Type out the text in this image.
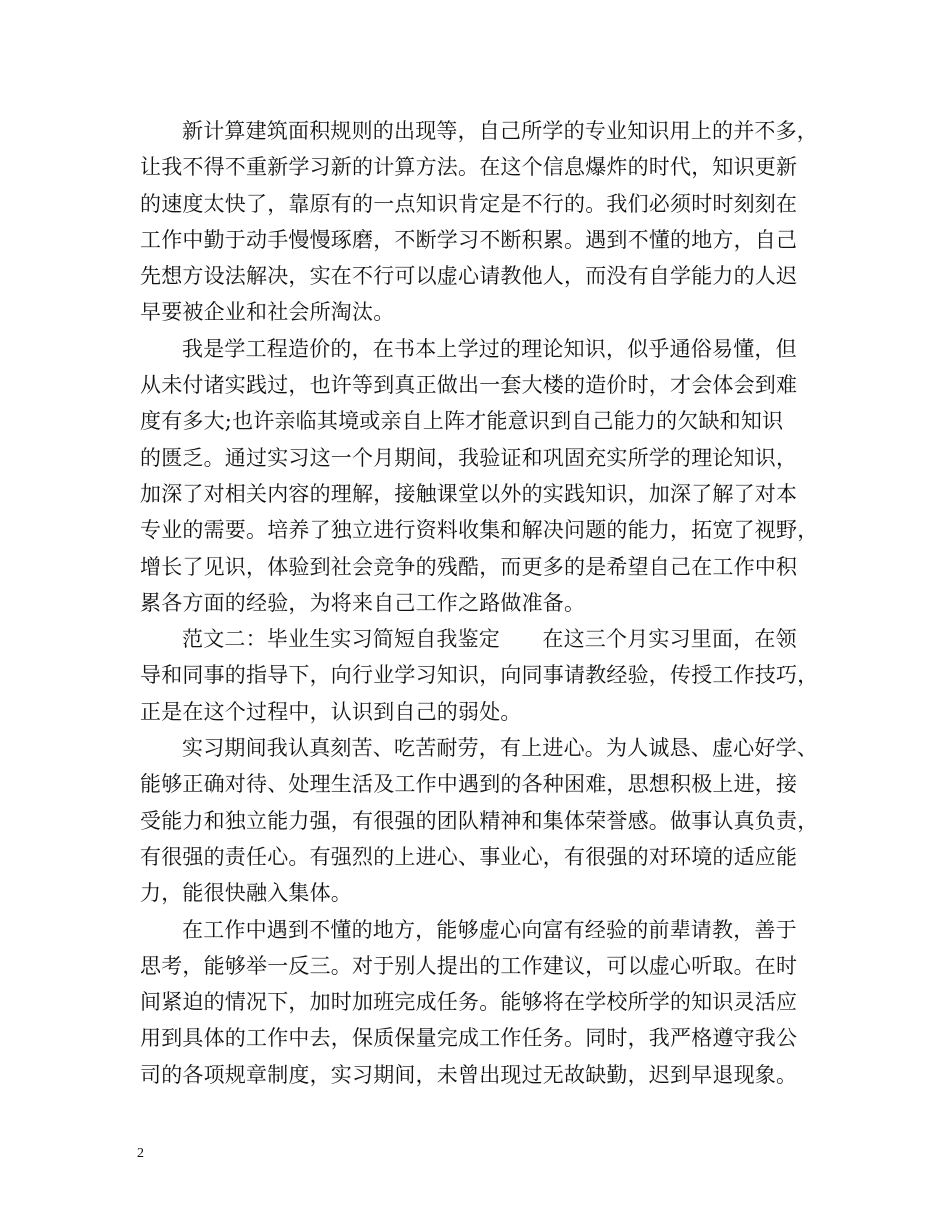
新计算建筑面积规则的出现等，自己所学的专业知识用上的并不多，
让我不得不重新学习新的计算方法。在这个信息爆炸的时代，知识更新
的速度太快了，靠原有的一点知识肯定是不行的。我们必须时时刻刻在
工作中勤于动手慢慢琢磨，不断学习不断积累。遇到不懂的地方，自己
先想方设法解决，实在不行可以虚心请教他人，而没有自学能力的人迟
早要被企业和社会所淘汰。
我是学工程造价的，在书本上学过的理论知识，似乎通俗易懂，但
从未付诸实践过，也许等到真正做出一套大楼的造价时，才会体会到难
度有多大;也许亲临其境或亲自上阵才能意识到自己能力的欠缺和知识
的匮乏。通过实习这一个月期间，我验证和巩固充实所学的理论知识，
加深了对相关内容的理解，接触课堂以外的实践知识，加深了解了对本
专业的需要。培养了独立进行资料收集和解决问题的能力，拓宽了视野，
增长了见识，体验到社会竞争的残酷，而更多的是希望自己在工作中积
累各方面的经验，为将来自己工作之路做准备。
范文二：毕业生实习简短自我鉴定　　在这三个月实习里面，在领
导和同事的指导下，向行业学习知识，向同事请教经验，传授工作技巧，
正是在这个过程中，认识到自己的弱处。
实习期间我认真刻苦、吃苦耐劳，有上进心。为人诚恳、虚心好学、
能够正确对待、处理生活及工作中遇到的各种困难，思想积极上进，接
受能力和独立能力强，有很强的团队精神和集体荣誉感。做事认真负责，
有很强的责任心。有强烈的上进心、事业心，有很强的对环境的适应能
力，能很快融入集体。
在工作中遇到不懂的地方，能够虚心向富有经验的前辈请教，善于
思考，能够举一反三。对于别人提出的工作建议，可以虚心听取。在时
间紧迫的情况下，加时加班完成任务。能够将在学校所学的知识灵活应
用到具体的工作中去，保质保量完成工作任务。同时，我严格遵守我公
司的各项规章制度，实习期间，未曾出现过无故缺勤，迟到早退现象。
2
